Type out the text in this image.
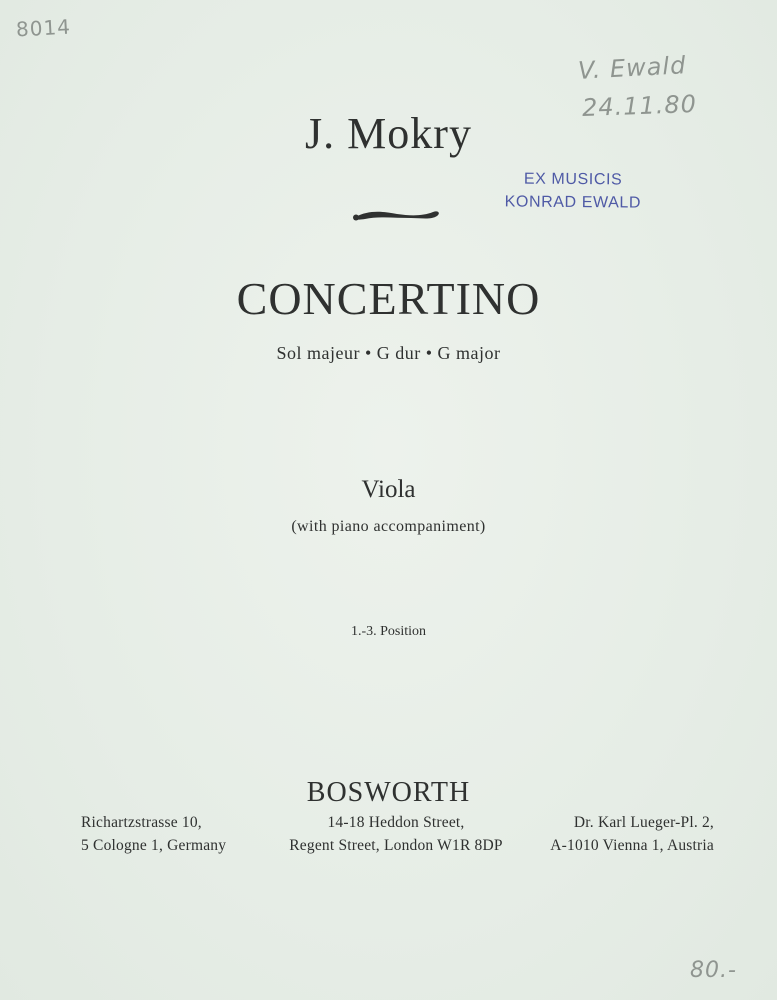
8014
V. Ewald
24.11.80
J. Mokry
EX MUSICIS
KONRAD EWALD
CONCERTINO
Sol majeur • G dur • G major
Viola
(with piano accompaniment)
1.-3. Position
BOSWORTH
Richartzstrasse 10,
5 Cologne 1, Germany
14-18 Heddon Street,
Regent Street, London W1R 8DP
Dr. Karl Lueger-Pl. 2,
A-1010 Vienna 1, Austria
80.-
